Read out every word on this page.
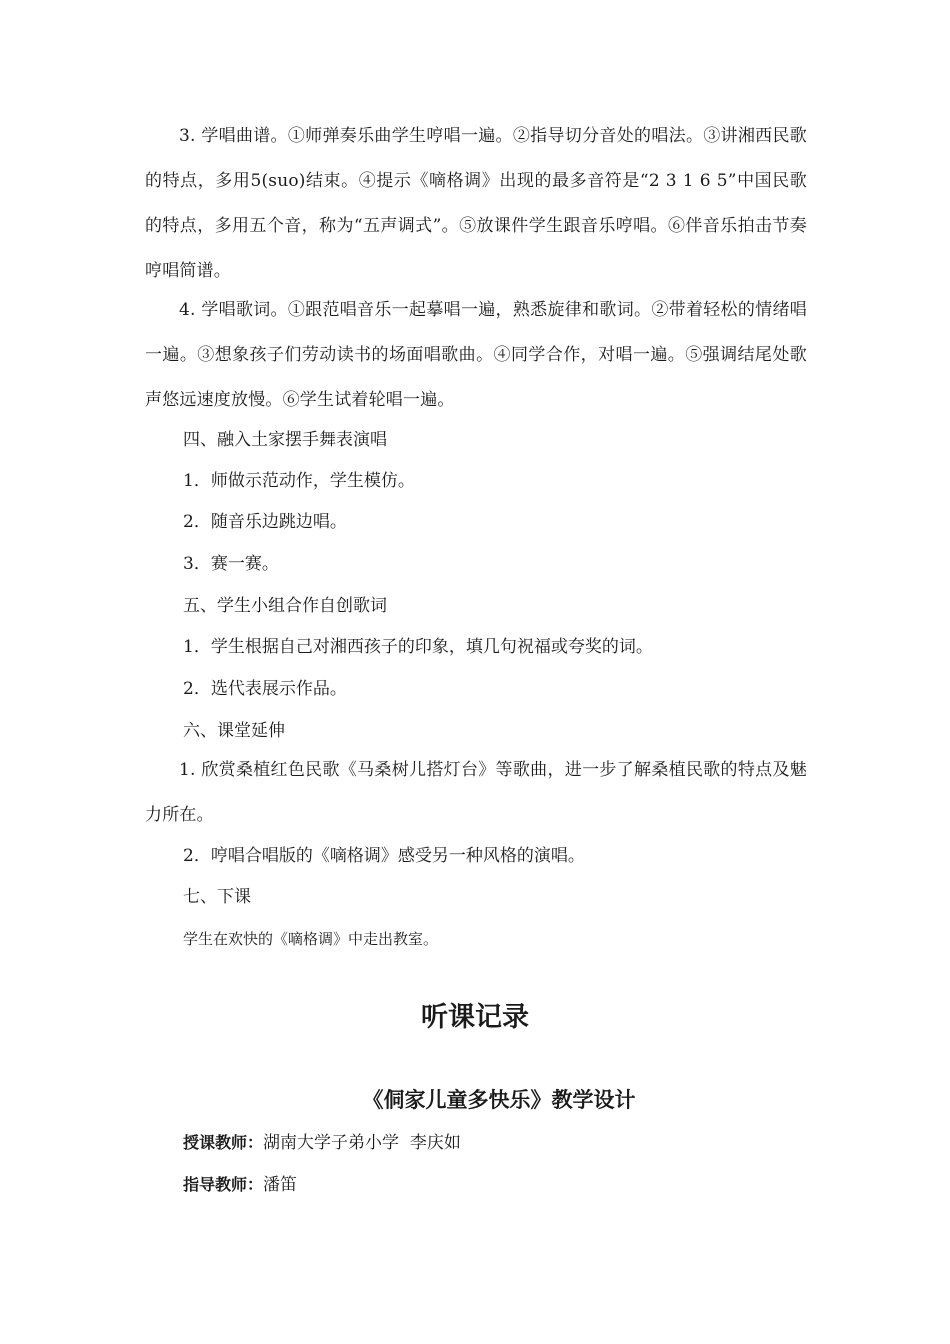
3. 学唱曲谱。①师弹奏乐曲学生哼唱一遍。②指导切分音处的唱法。③讲湘西民歌的特点，多用5(suo)结束。④提示《嘀格调》出现的最多音符是“2 3 1 6 5”中国民歌的特点，多用五个音，称为“五声调式”。⑤放课件学生跟音乐哼唱。⑥伴音乐拍击节奏哼唱简谱。

4. 学唱歌词。①跟范唱音乐一起摹唱一遍，熟悉旋律和歌词。②带着轻松的情绪唱一遍。③想象孩子们劳动读书的场面唱歌曲。④同学合作，对唱一遍。⑤强调结尾处歌声悠远速度放慢。⑥学生试着轮唱一遍。

四、融入土家摆手舞表演唱

1．师做示范动作，学生模仿。

2．随音乐边跳边唱。

3．赛一赛。

五、学生小组合作自创歌词

1．学生根据自己对湘西孩子的印象，填几句祝福或夸奖的词。

2．选代表展示作品。

六、课堂延伸

1. 欣赏桑植红色民歌《马桑树儿搭灯台》等歌曲，进一步了解桑植民歌的特点及魅力所在。

2．哼唱合唱版的《嘀格调》感受另一种风格的演唱。

七、下课

学生在欢快的《嘀格调》中走出教室。

听课记录
《侗家儿童多快乐》教学设计

授课教师：湖南大学子弟小学  李庆如

指导教师：潘笛
